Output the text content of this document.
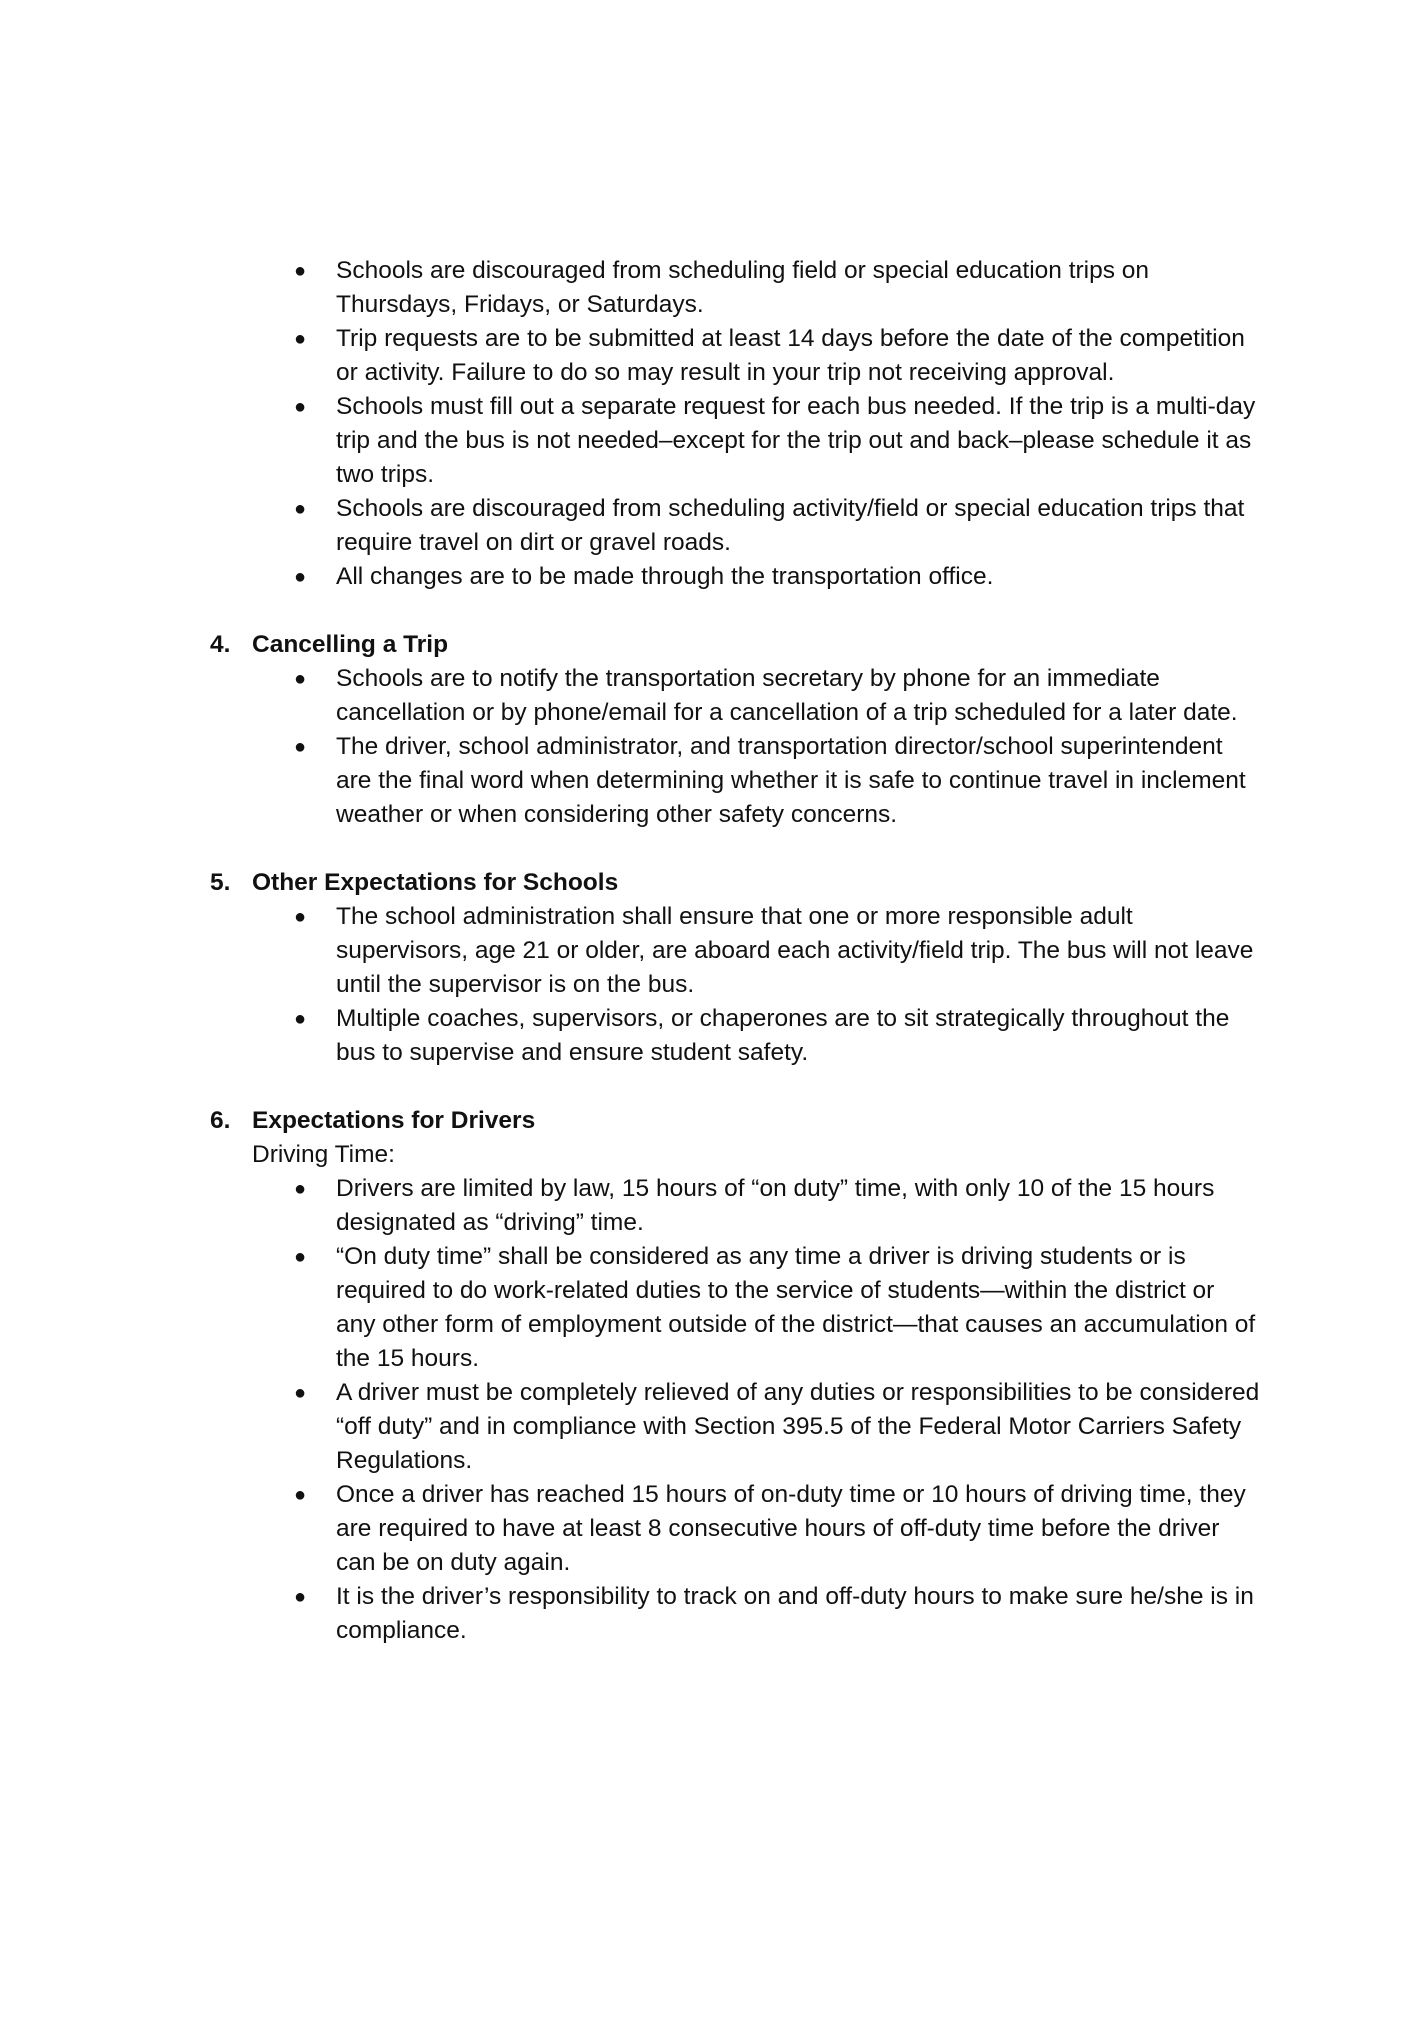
● Schools are discouraged from scheduling field or special education trips on Thursdays, Fridays, or Saturdays.
● Trip requests are to be submitted at least 14 days before the date of the competition or activity. Failure to do so may result in your trip not receiving approval.
● Schools must fill out a separate request for each bus needed. If the trip is a multi-day trip and the bus is not needed–except for the trip out and back–please schedule it as two trips.
● Schools are discouraged from scheduling activity/field or special education trips that require travel on dirt or gravel roads.
● All changes are to be made through the transportation office.
4. Cancelling a Trip
● Schools are to notify the transportation secretary by phone for an immediate cancellation or by phone/email for a cancellation of a trip scheduled for a later date.
● The driver, school administrator, and transportation director/school superintendent are the final word when determining whether it is safe to continue travel in inclement weather or when considering other safety concerns.
5. Other Expectations for Schools
● The school administration shall ensure that one or more responsible adult supervisors, age 21 or older, are aboard each activity/field trip. The bus will not leave until the supervisor is on the bus.
● Multiple coaches, supervisors, or chaperones are to sit strategically throughout the bus to supervise and ensure student safety.
6. Expectations for Drivers
Driving Time:
● Drivers are limited by law, 15 hours of “on duty” time, with only 10 of the 15 hours designated as “driving” time.
● “On duty time” shall be considered as any time a driver is driving students or is required to do work-related duties to the service of students—within the district or any other form of employment outside of the district—that causes an accumulation of the 15 hours.
● A driver must be completely relieved of any duties or responsibilities to be considered “off duty” and in compliance with Section 395.5 of the Federal Motor Carriers Safety Regulations.
● Once a driver has reached 15 hours of on-duty time or 10 hours of driving time, they are required to have at least 8 consecutive hours of off-duty time before the driver can be on duty again.
● It is the driver’s responsibility to track on and off-duty hours to make sure he/she is in compliance.
